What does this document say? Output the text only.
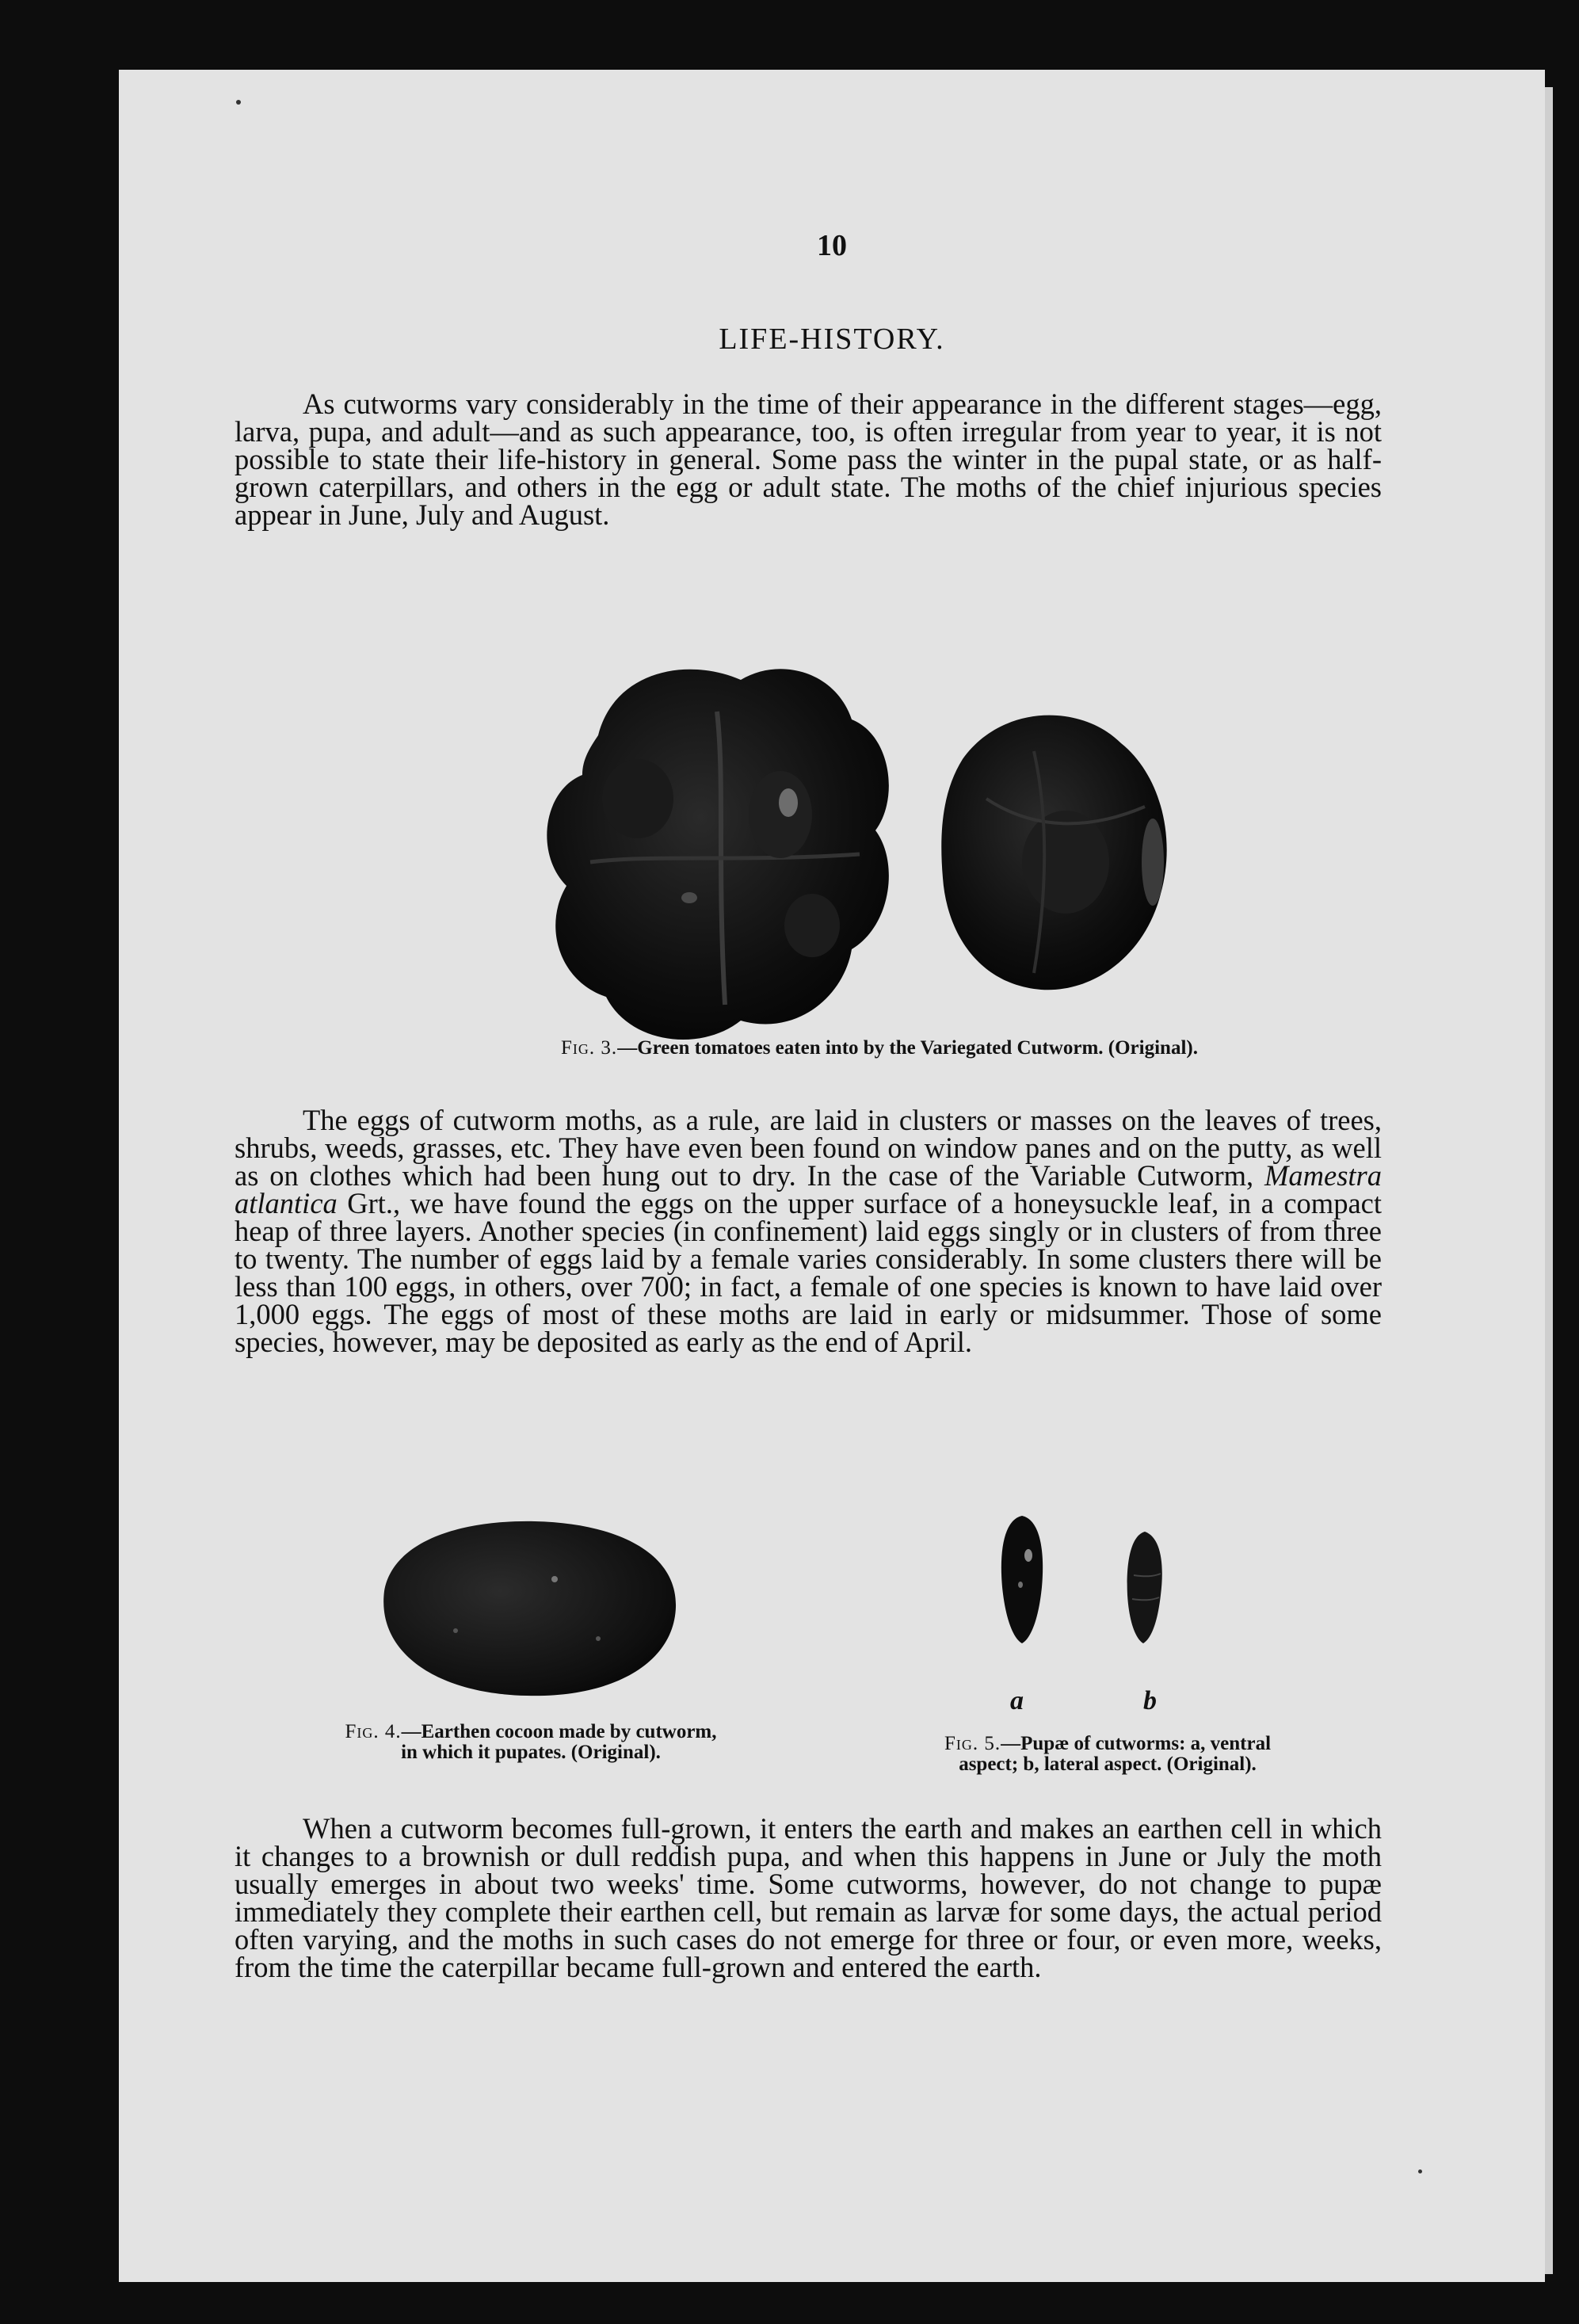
10
LIFE-HISTORY.

As cutworms vary considerably in the time of their appearance in the different stages—egg, larva, pupa, and adult—and as such appearance, too, is often irregular from year to year, it is not possible to state their life-history in general. Some pass the winter in the pupal state, or as half-grown caterpillars, and others in the egg or adult state. The moths of the chief injurious species appear in June, July and August.

Fig. 3.—Green tomatoes eaten into by the Variegated Cutworm. (Original).

The eggs of cutworm moths, as a rule, are laid in clusters or masses on the leaves of trees, shrubs, weeds, grasses, etc. They have even been found on window panes and on the putty, as well as on clothes which had been hung out to dry. In the case of the Variable Cutworm, Mamestra atlantica Grt., we have found the eggs on the upper surface of a honeysuckle leaf, in a compact heap of three layers. Another species (in confinement) laid eggs singly or in clusters of from three to twenty. The number of eggs laid by a female varies considerably. In some clusters there will be less than 100 eggs, in others, over 700; in fact, a female of one species is known to have laid over 1,000 eggs. The eggs of most of these moths are laid in early or midsummer. Those of some species, however, may be deposited as early as the end of April.

Fig. 4.—Earthen cocoon made by cutworm,
in which it pupates. (Original).
a	b
Fig. 5.—Pupæ of cutworms: a, ventral
aspect; b, lateral aspect. (Original).

When a cutworm becomes full-grown, it enters the earth and makes an earthen cell in which it changes to a brownish or dull reddish pupa, and when this happens in June or July the moth usually emerges in about two weeks' time. Some cutworms, however, do not change to pupæ immediately they complete their earthen cell, but remain as larvæ for some days, the actual period often varying, and the moths in such cases do not emerge for three or four, or even more, weeks, from the time the caterpillar became full-grown and entered the earth.
